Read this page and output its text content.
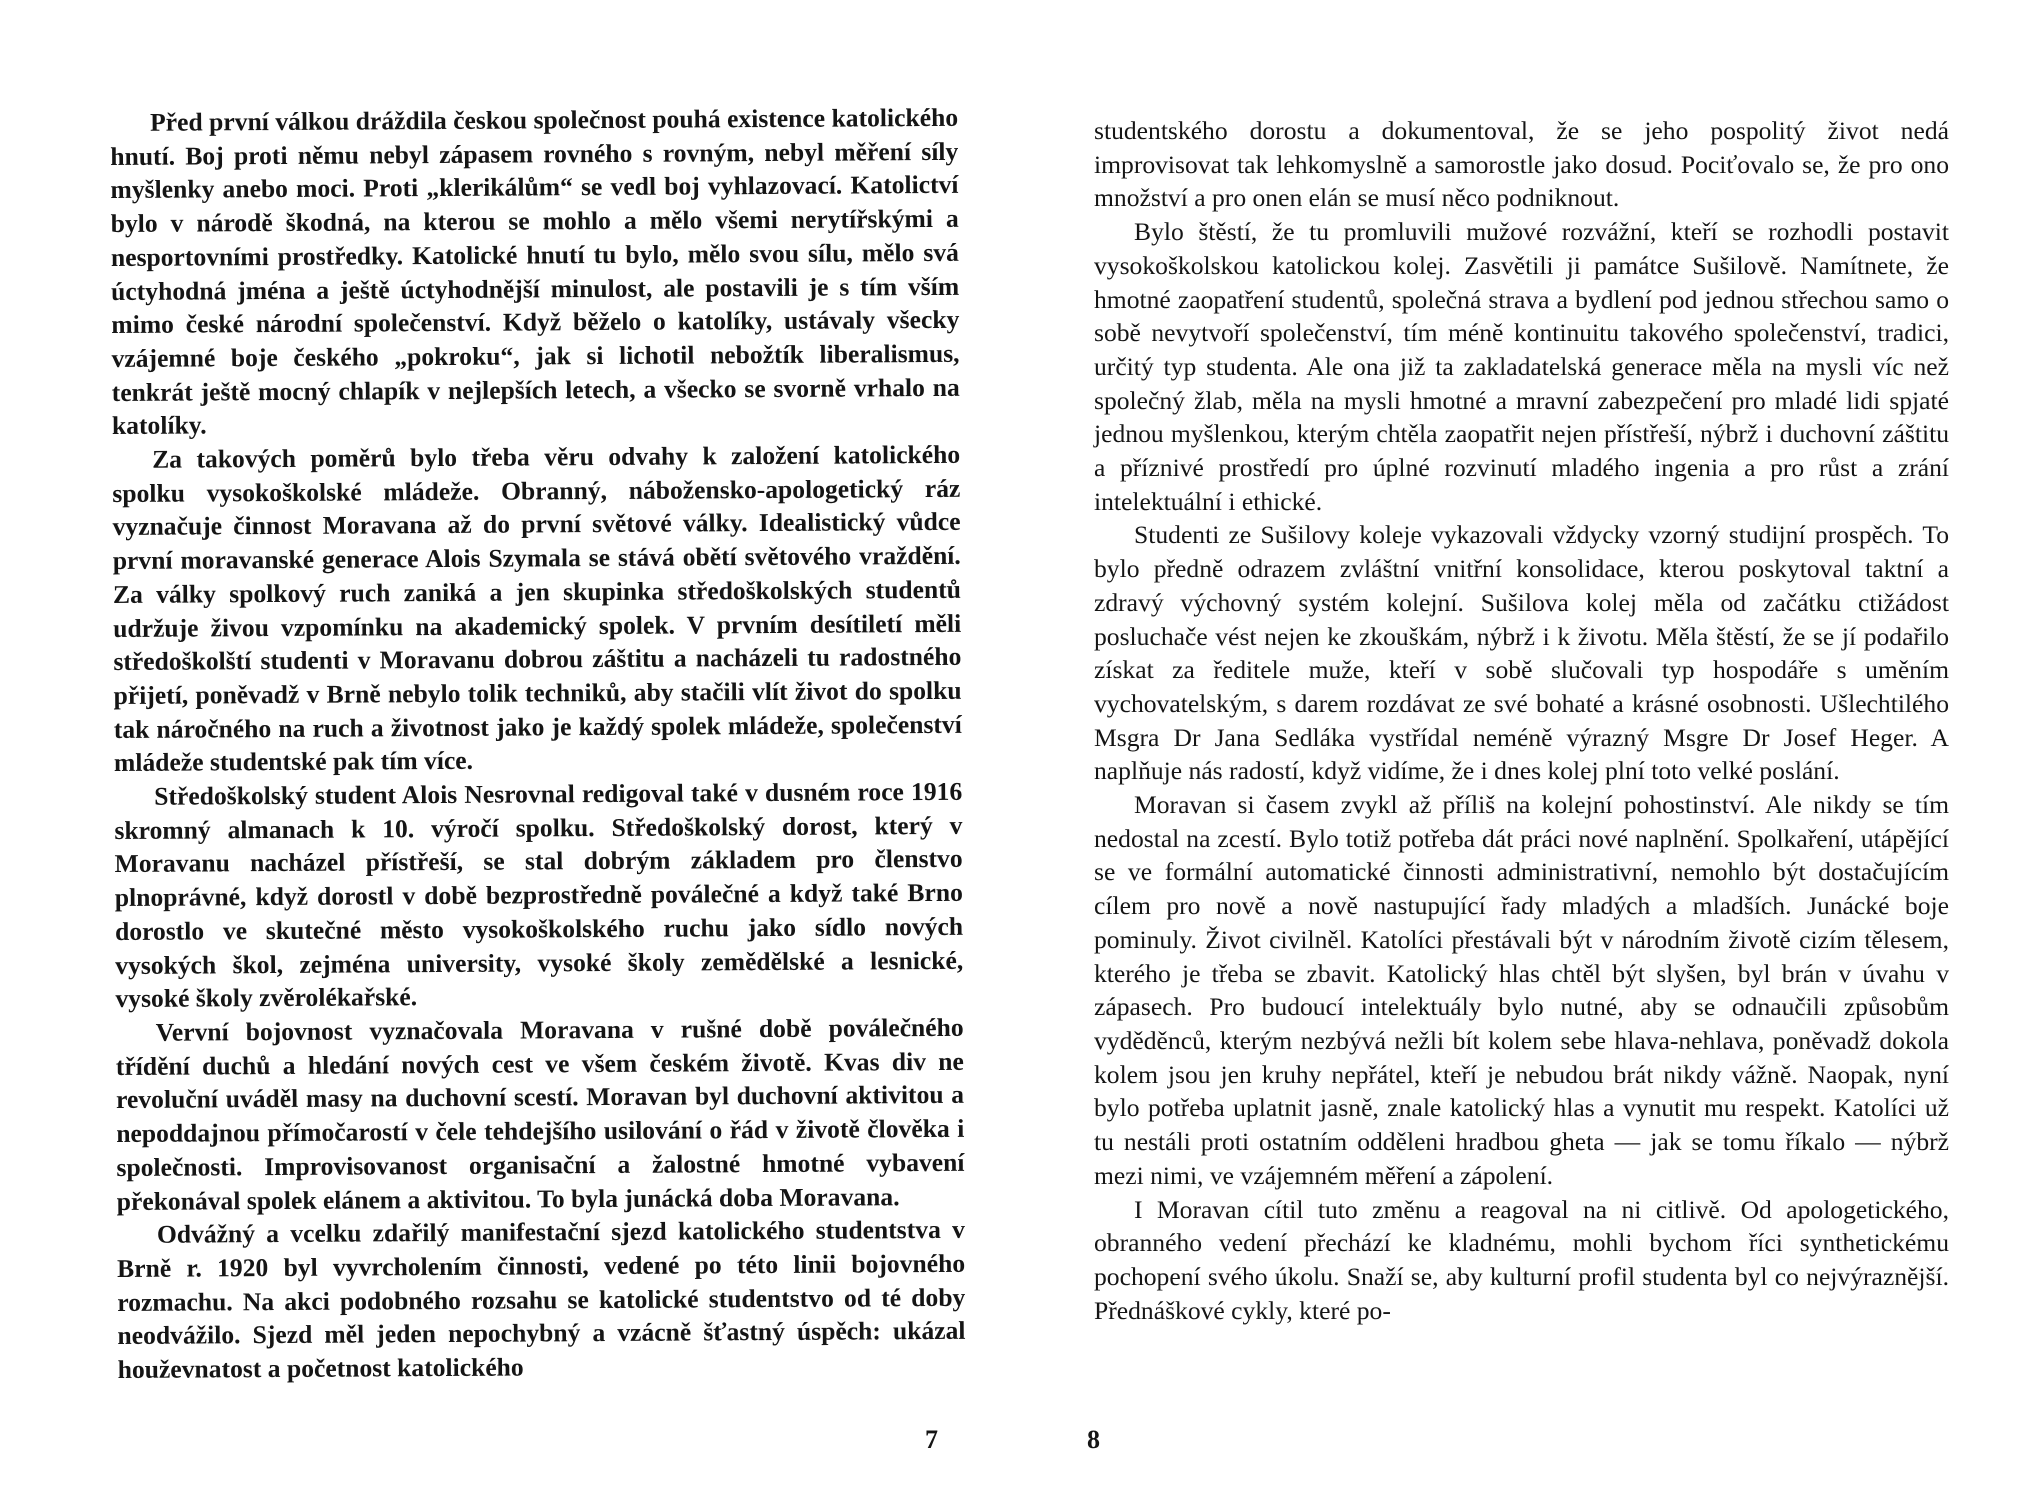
Před první válkou dráždila českou společnost pouhá existence katolického hnutí. Boj proti němu nebyl zápasem rovného s rovným, nebyl měření síly myšlenky anebo moci. Proti „klerikálům“ se vedl boj vyhlazovací. Katolictví bylo v národě škodná, na kterou se mohlo a mělo všemi nerytířskými a nesportovními prostředky. Katolické hnutí tu bylo, mělo svou sílu, mělo svá úctyhodná jména a ještě úctyhodnější minulost, ale postavili je s tím vším mimo české národní společenství. Když běželo o katolíky, ustávaly všecky vzájemné boje českého „pokroku“, jak si lichotil nebožtík liberalismus, tenkrát ještě mocný chlapík v nejlepších letech, a všecko se svorně vrhalo na katolíky.

Za takových poměrů bylo třeba věru odvahy k založení katolického spolku vysokoškolské mládeže. Obranný, nábožensko-apologetický ráz vyznačuje činnost Moravana až do první světové války. Idealistický vůdce první moravanské generace Alois Szymala se stává obětí světového vraždění. Za války spolkový ruch zaniká a jen skupinka středoškolských studentů udržuje živou vzpomínku na akademický spolek. V prvním desítiletí měli středoškolští studenti v Moravanu dobrou záštitu a nacházeli tu radostného přijetí, poněvadž v Brně nebylo tolik techniků, aby stačili vlít život do spolku tak náročného na ruch a životnost jako je každý spolek mládeže, společenství mládeže studentské pak tím více.

Středoškolský student Alois Nesrovnal redigoval také v dusném roce 1916 skromný almanach k 10. výročí spolku. Středoškolský dorost, který v Moravanu nacházel přístřeší, se stal dobrým základem pro členstvo plnoprávné, když dorostl v době bezprostředně poválečné a když také Brno dorostlo ve skutečné město vysokoškolského ruchu jako sídlo nových vysokých škol, zejména university, vysoké školy zemědělské a lesnické, vysoké školy zvěrolékařské.

Vervní bojovnost vyznačovala Moravana v rušné době poválečného třídění duchů a hledání nových cest ve všem českém životě. Kvas div ne revoluční uváděl masy na duchovní scestí. Moravan byl duchovní aktivitou a nepoddajnou přímočarostí v čele tehdejšího usilování o řád v životě člověka i společnosti. Improvisovanost organisační a žalostné hmotné vybavení překonával spolek elánem a aktivitou. To byla junácká doba Moravana.

Odvážný a vcelku zdařilý manifestační sjezd katolického studentstva v Brně r. 1920 byl vyvrcholením činnosti, vedené po této linii bojovného rozmachu. Na akci podobného rozsahu se katolické studentstvo od té doby neodvážilo. Sjezd měl jeden nepochybný a vzácně šťastný úspěch: ukázal houževnatost a početnost katolického

7

studentského dorostu a dokumentoval, že se jeho pospolitý život nedá improvisovat tak lehkomyslně a samorostle jako dosud. Pociťovalo se, že pro ono množství a pro onen elán se musí něco podniknout.

Bylo štěstí, že tu promluvili mužové rozvážní, kteří se rozhodli postavit vysokoškolskou katolickou kolej. Zasvětili ji památce Sušilově. Namítnete, že hmotné zaopatření studentů, společná strava a bydlení pod jednou střechou samo o sobě nevytvoří společenství, tím méně kontinuitu takového společenství, tradici, určitý typ studenta. Ale ona již ta zakladatelská generace měla na mysli víc než společný žlab, měla na mysli hmotné a mravní zabezpečení pro mladé lidi spjaté jednou myšlenkou, kterým chtěla zaopatřit nejen přístřeší, nýbrž i duchovní záštitu a příznivé prostředí pro úplné rozvinutí mladého ingenia a pro růst a zrání intelektuální i ethické.

Studenti ze Sušilovy koleje vykazovali vždycky vzorný studijní prospěch. To bylo předně odrazem zvláštní vnitřní konsolidace, kterou poskytoval taktní a zdravý výchovný systém kolejní. Sušilova kolej měla od začátku ctižádost posluchače vést nejen ke zkouškám, nýbrž i k životu. Měla štěstí, že se jí podařilo získat za ředitele muže, kteří v sobě slučovali typ hospodáře s uměním vychovatelským, s darem rozdávat ze své bohaté a krásné osobnosti. Ušlechtilého Msgra Dr Jana Sedláka vystřídal neméně výrazný Msgre Dr Josef Heger. A naplňuje nás radostí, když vidíme, že i dnes kolej plní toto velké poslání.

Moravan si časem zvykl až příliš na kolejní pohostinství. Ale nikdy se tím nedostal na zcestí. Bylo totiž potřeba dát práci nové naplnění. Spolkaření, utápějící se ve formální automatické činnosti administrativní, nemohlo být dostačujícím cílem pro nově a nově nastupující řady mladých a mladších. Junácké boje pominuly. Život civilněl. Katolíci přestávali být v národním životě cizím tělesem, kterého je třeba se zbavit. Katolický hlas chtěl být slyšen, byl brán v úvahu v zápasech. Pro budoucí intelektuály bylo nutné, aby se odnaučili způsobům vyděděnců, kterým nezbývá nežli bít kolem sebe hlava-nehlava, poněvadž dokola kolem jsou jen kruhy nepřátel, kteří je nebudou brát nikdy vážně. Naopak, nyní bylo potřeba uplatnit jasně, znale katolický hlas a vynutit mu respekt. Katolíci už tu nestáli proti ostatním odděleni hradbou gheta — jak se tomu říkalo — nýbrž mezi nimi, ve vzájemném měření a zápolení.

I Moravan cítil tuto změnu a reagoval na ni citlivě. Od apologetického, obranného vedení přechází ke kladnému, mohli bychom říci synthetickému pochopení svého úkolu. Snaží se, aby kulturní profil studenta byl co nejvýraznější. Přednáškové cykly, které po-

8
